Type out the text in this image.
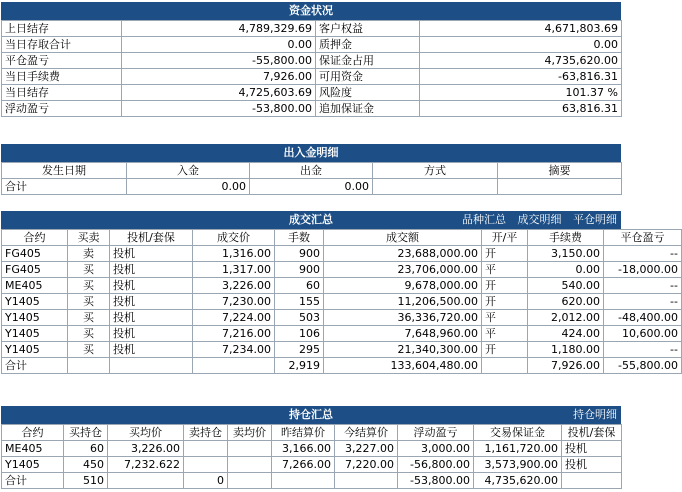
资金状况
上日结存	4,789,329.69	客户权益	4,671,803.69
当日存取合计	0.00	质押金	0.00
平仓盈亏	-55,800.00	保证金占用	4,735,620.00
当日手续费	7,926.00	可用资金	-63,816.31
当日结存	4,725,603.69	风险度	101.37 %
浮动盈亏	-53,800.00	追加保证金	63,816.31
出入金明细
发生日期	入金	出金	方式	摘要
合计	0.00	0.00		
成交汇总	品种汇总 成交明细 平仓明细
合约	买卖	投机/套保	成交价	手数	成交额	开/平	手续费	平仓盈亏
FG405	卖	投机	1,316.00	900	23,688,000.00	开	3,150.00	--
FG405	买	投机	1,317.00	900	23,706,000.00	平	0.00	-18,000.00
ME405	买	投机	3,226.00	60	9,678,000.00	开	540.00	--
Y1405	买	投机	7,230.00	155	11,206,500.00	开	620.00	--
Y1405	买	投机	7,224.00	503	36,336,720.00	平	2,012.00	-48,400.00
Y1405	买	投机	7,216.00	106	7,648,960.00	平	424.00	10,600.00
Y1405	买	投机	7,234.00	295	21,340,300.00	开	1,180.00	--
合计				2,919	133,604,480.00		7,926.00	-55,800.00
持仓汇总	持仓明细
合约	买持仓	买均价	卖持仓	卖均价	昨结算价	今结算价	浮动盈亏	交易保证金	投机/套保
ME405	60	3,226.00			3,166.00	3,227.00	3,000.00	1,161,720.00	投机
Y1405	450	7,232.622			7,266.00	7,220.00	-56,800.00	3,573,900.00	投机
合计	510		0				-53,800.00	4,735,620.00	
